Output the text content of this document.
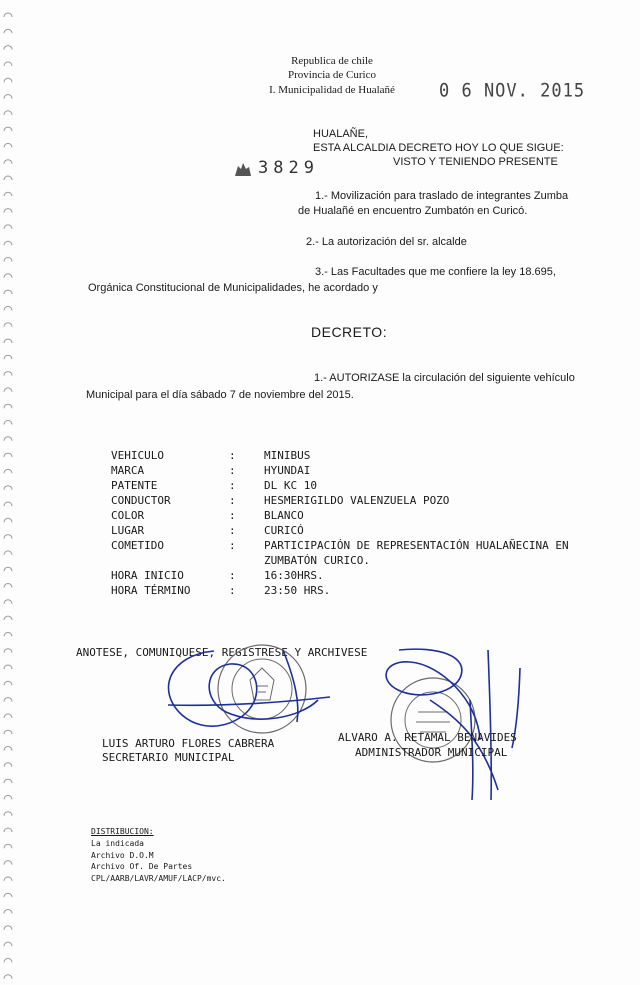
Republica de chile
Provincia de Curico
I. Municipalidad de Hualañé	0 6 NOV. 2015
HUALAÑE,
ESTA ALCALDIA DECRETO HOY LO QUE SIGUE:
3829	VISTO Y TENIENDO PRESENTE
1.- Movilización para traslado de integrantes Zumba
de Hualañé en encuentro Zumbatón en Curicó.
2.- La autorización del sr. alcalde
3.- Las Facultades que me confiere la ley 18.695,
Orgánica Constitucional de Municipalidades, he acordado y
DECRETO:
1.- AUTORIZASE la circulación del siguiente vehículo
Municipal para el día sábado 7 de noviembre del 2015.
VEHICULO	:	MINIBUS
MARCA	:	HYUNDAI
PATENTE	:	DL KC 10
CONDUCTOR	:	HESMERIGILDO VALENZUELA POZO
COLOR	:	BLANCO
LUGAR	:	CURICÓ
COMETIDO	:	PARTICIPACIÓN DE REPRESENTACIÓN HUALAÑECINA EN
		ZUMBATÓN CURICO.
HORA INICIO	:	16:30HRS.
HORA TÉRMINO	:	23:50 HRS.
ANOTESE, COMUNIQUESE, REGISTRESE Y ARCHIVESE
LUIS ARTURO FLORES CABRERA
SECRETARIO MUNICIPAL
ALVARO A. RETAMAL BENAVIDES
ADMINISTRADOR MUNICIPAL
DISTRIBUCION:
La indicada
Archivo D.O.M
Archivo Of. De Partes
CPL/AARB/LAVR/AMUF/LACP/mvc.
